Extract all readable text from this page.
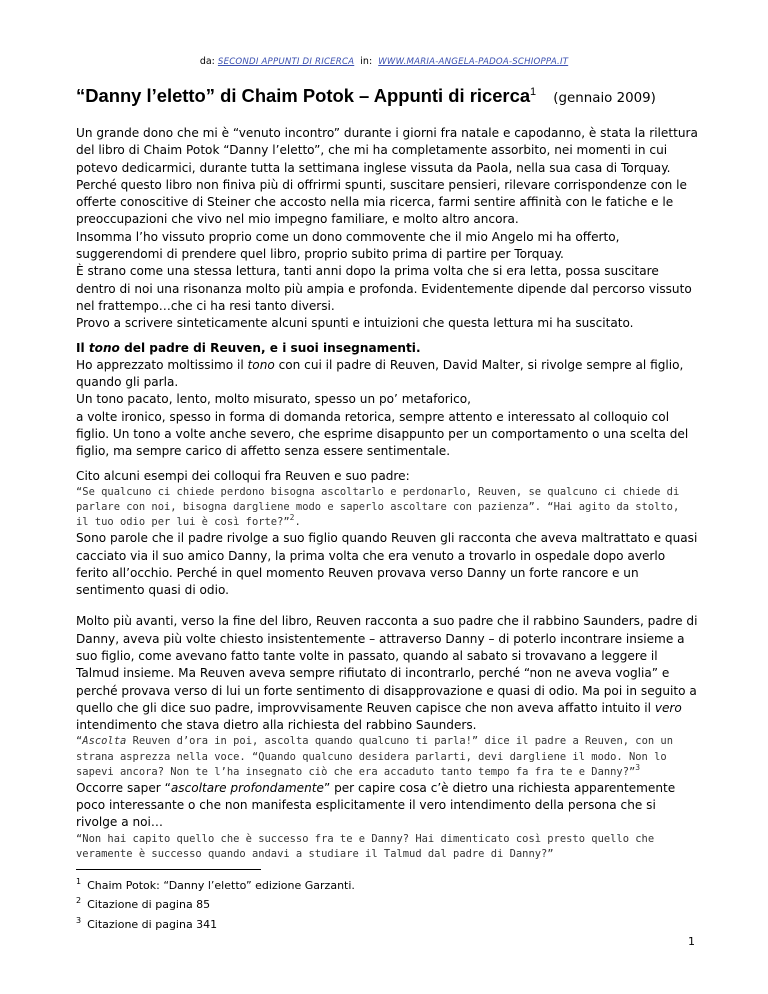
da: SECONDI APPUNTI DI RICERCA in: WWW.MARIA-ANGELA-PADOA-SCHIOPPA.IT
“Danny l’eletto” di Chaim Potok – Appunti di ricerca$^1$ (gennaio 2009)

Un grande dono che mi è “venuto incontro” durante i giorni fra natale e capodanno, è stata la rilettura del libro di Chaim Potok “Danny l’eletto”, che mi ha completamente assorbito, nei momenti in cui potevo dedicarmici, durante tutta la settimana inglese vissuta da Paola, nella sua casa di Torquay.

Perché questo libro non finiva più di offrirmi spunti, suscitare pensieri, rilevare corrispondenze con le offerte conoscitive di Steiner che accosto nella mia ricerca, farmi sentire affinità con le fatiche e le preoccupazioni che vivo nel mio impegno familiare, e molto altro ancora.

Insomma l’ho vissuto proprio come un dono commovente che il mio Angelo mi ha offerto, suggerendomi di prendere quel libro, proprio subito prima di partire per Torquay.

È strano come una stessa lettura, tanti anni dopo la prima volta che si era letta, possa suscitare dentro di noi una risonanza molto più ampia e profonda. Evidentemente dipende dal percorso vissuto nel frattempo…che ci ha resi tanto diversi.

Provo a scrivere sinteticamente alcuni spunti e intuizioni che questa lettura mi ha suscitato.

Il tono del padre di Reuven, e i suoi insegnamenti.

Ho apprezzato moltissimo il tono con cui il padre di Reuven, David Malter, si rivolge sempre al figlio, quando gli parla.

Un tono pacato, lento, molto misurato, spesso un po’ metaforico,

a volte ironico, spesso in forma di domanda retorica, sempre attento e interessato al colloquio col figlio. Un tono a volte anche severo, che esprime disappunto per un comportamento o una scelta del figlio, ma sempre carico di affetto senza essere sentimentale.

Cito alcuni esempi dei colloqui fra Reuven e suo padre:

“Se qualcuno ci chiede perdono bisogna ascoltarlo e perdonarlo, Reuven, se qualcuno ci chiede di parlare con noi, bisogna dargliene modo e saperlo ascoltare con pazienza”. “Hai agito da stolto, il tuo odio per lui è così forte?”$^2$.

Sono parole che il padre rivolge a suo figlio quando Reuven gli racconta che aveva maltrattato e quasi cacciato via il suo amico Danny, la prima volta che era venuto a trovarlo in ospedale dopo averlo ferito all’occhio. Perché in quel momento Reuven provava verso Danny un forte rancore e un sentimento quasi di odio.

Molto più avanti, verso la fine del libro, Reuven racconta a suo padre che il rabbino Saunders, padre di Danny, aveva più volte chiesto insistentemente – attraverso Danny – di poterlo incontrare insieme a suo figlio, come avevano fatto tante volte in passato, quando al sabato si trovavano a leggere il Talmud insieme. Ma Reuven aveva sempre rifiutato di incontrarlo, perché “non ne aveva voglia” e perché provava verso di lui un forte sentimento di disapprovazione e quasi di odio. Ma poi in seguito a quello che gli dice suo padre, improvvisamente Reuven capisce che non aveva affatto intuito il vero intendimento che stava dietro alla richiesta del rabbino Saunders.

“Ascolta Reuven d’ora in poi, ascolta quando qualcuno ti parla!” dice il padre a Reuven, con un strana asprezza nella voce. “Quando qualcuno desidera parlarti, devi dargliene il modo. Non lo sapevi ancora? Non te l’ha insegnato ciò che era accaduto tanto tempo fa fra te e Danny?”$^3$

Occorre saper “ascoltare profondamente” per capire cosa c’è dietro una richiesta apparentemente poco interessante o che non manifesta esplicitamente il vero intendimento della persona che si rivolge a noi…

“Non hai capito quello che è successo fra te e Danny? Hai dimenticato così presto quello che veramente è successo quando andavi a studiare il Talmud dal padre di Danny?”

$^1$ Chaim Potok: “Danny l’eletto” edizione Garzanti.
$^2$ Citazione di pagina 85
$^3$ Citazione di pagina 341
1
